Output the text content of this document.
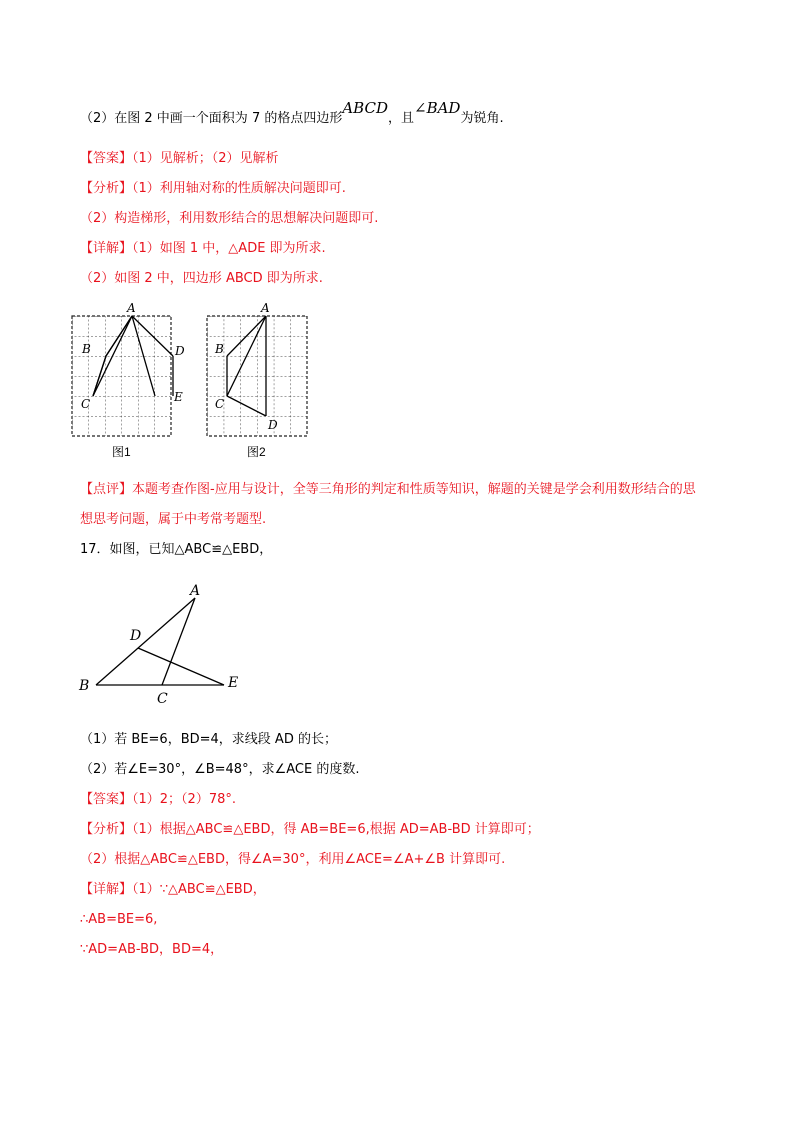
（2）在图 2 中画一个面积为 7 的格点四边形ABCD，且∠BAD为锐角.
【答案】（1）见解析；（2）见解析
【分析】（1）利用轴对称的性质解决问题即可.
（2）构造梯形，利用数形结合的思想解决问题即可.
【详解】（1）如图 1 中，△ADE 即为所求.
（2）如图 2 中，四边形 ABCD 即为所求.
A
B
C
D
E
图1
A
B
C
D
图2
【点评】本题考查作图-应用与设计，全等三角形的判定和性质等知识，解题的关键是学会利用数形结合的思
想思考问题，属于中考常考题型.
17．如图，已知△ABC≌△EBD，
A
D
B
C
E
（1）若 BE=6，BD=4，求线段 AD 的长；
（2）若∠E=30°，∠B=48°，求∠ACE 的度数.
【答案】（1）2；（2）78°.
【分析】（1）根据△ABC≌△EBD，得 AB=BE=6,根据 AD=AB-BD 计算即可；
（2）根据△ABC≌△EBD，得∠A=30°，利用∠ACE=∠A+∠B 计算即可.
【详解】（1）∵△ABC≌△EBD，
∴AB=BE=6,
∵AD=AB-BD，BD=4，
